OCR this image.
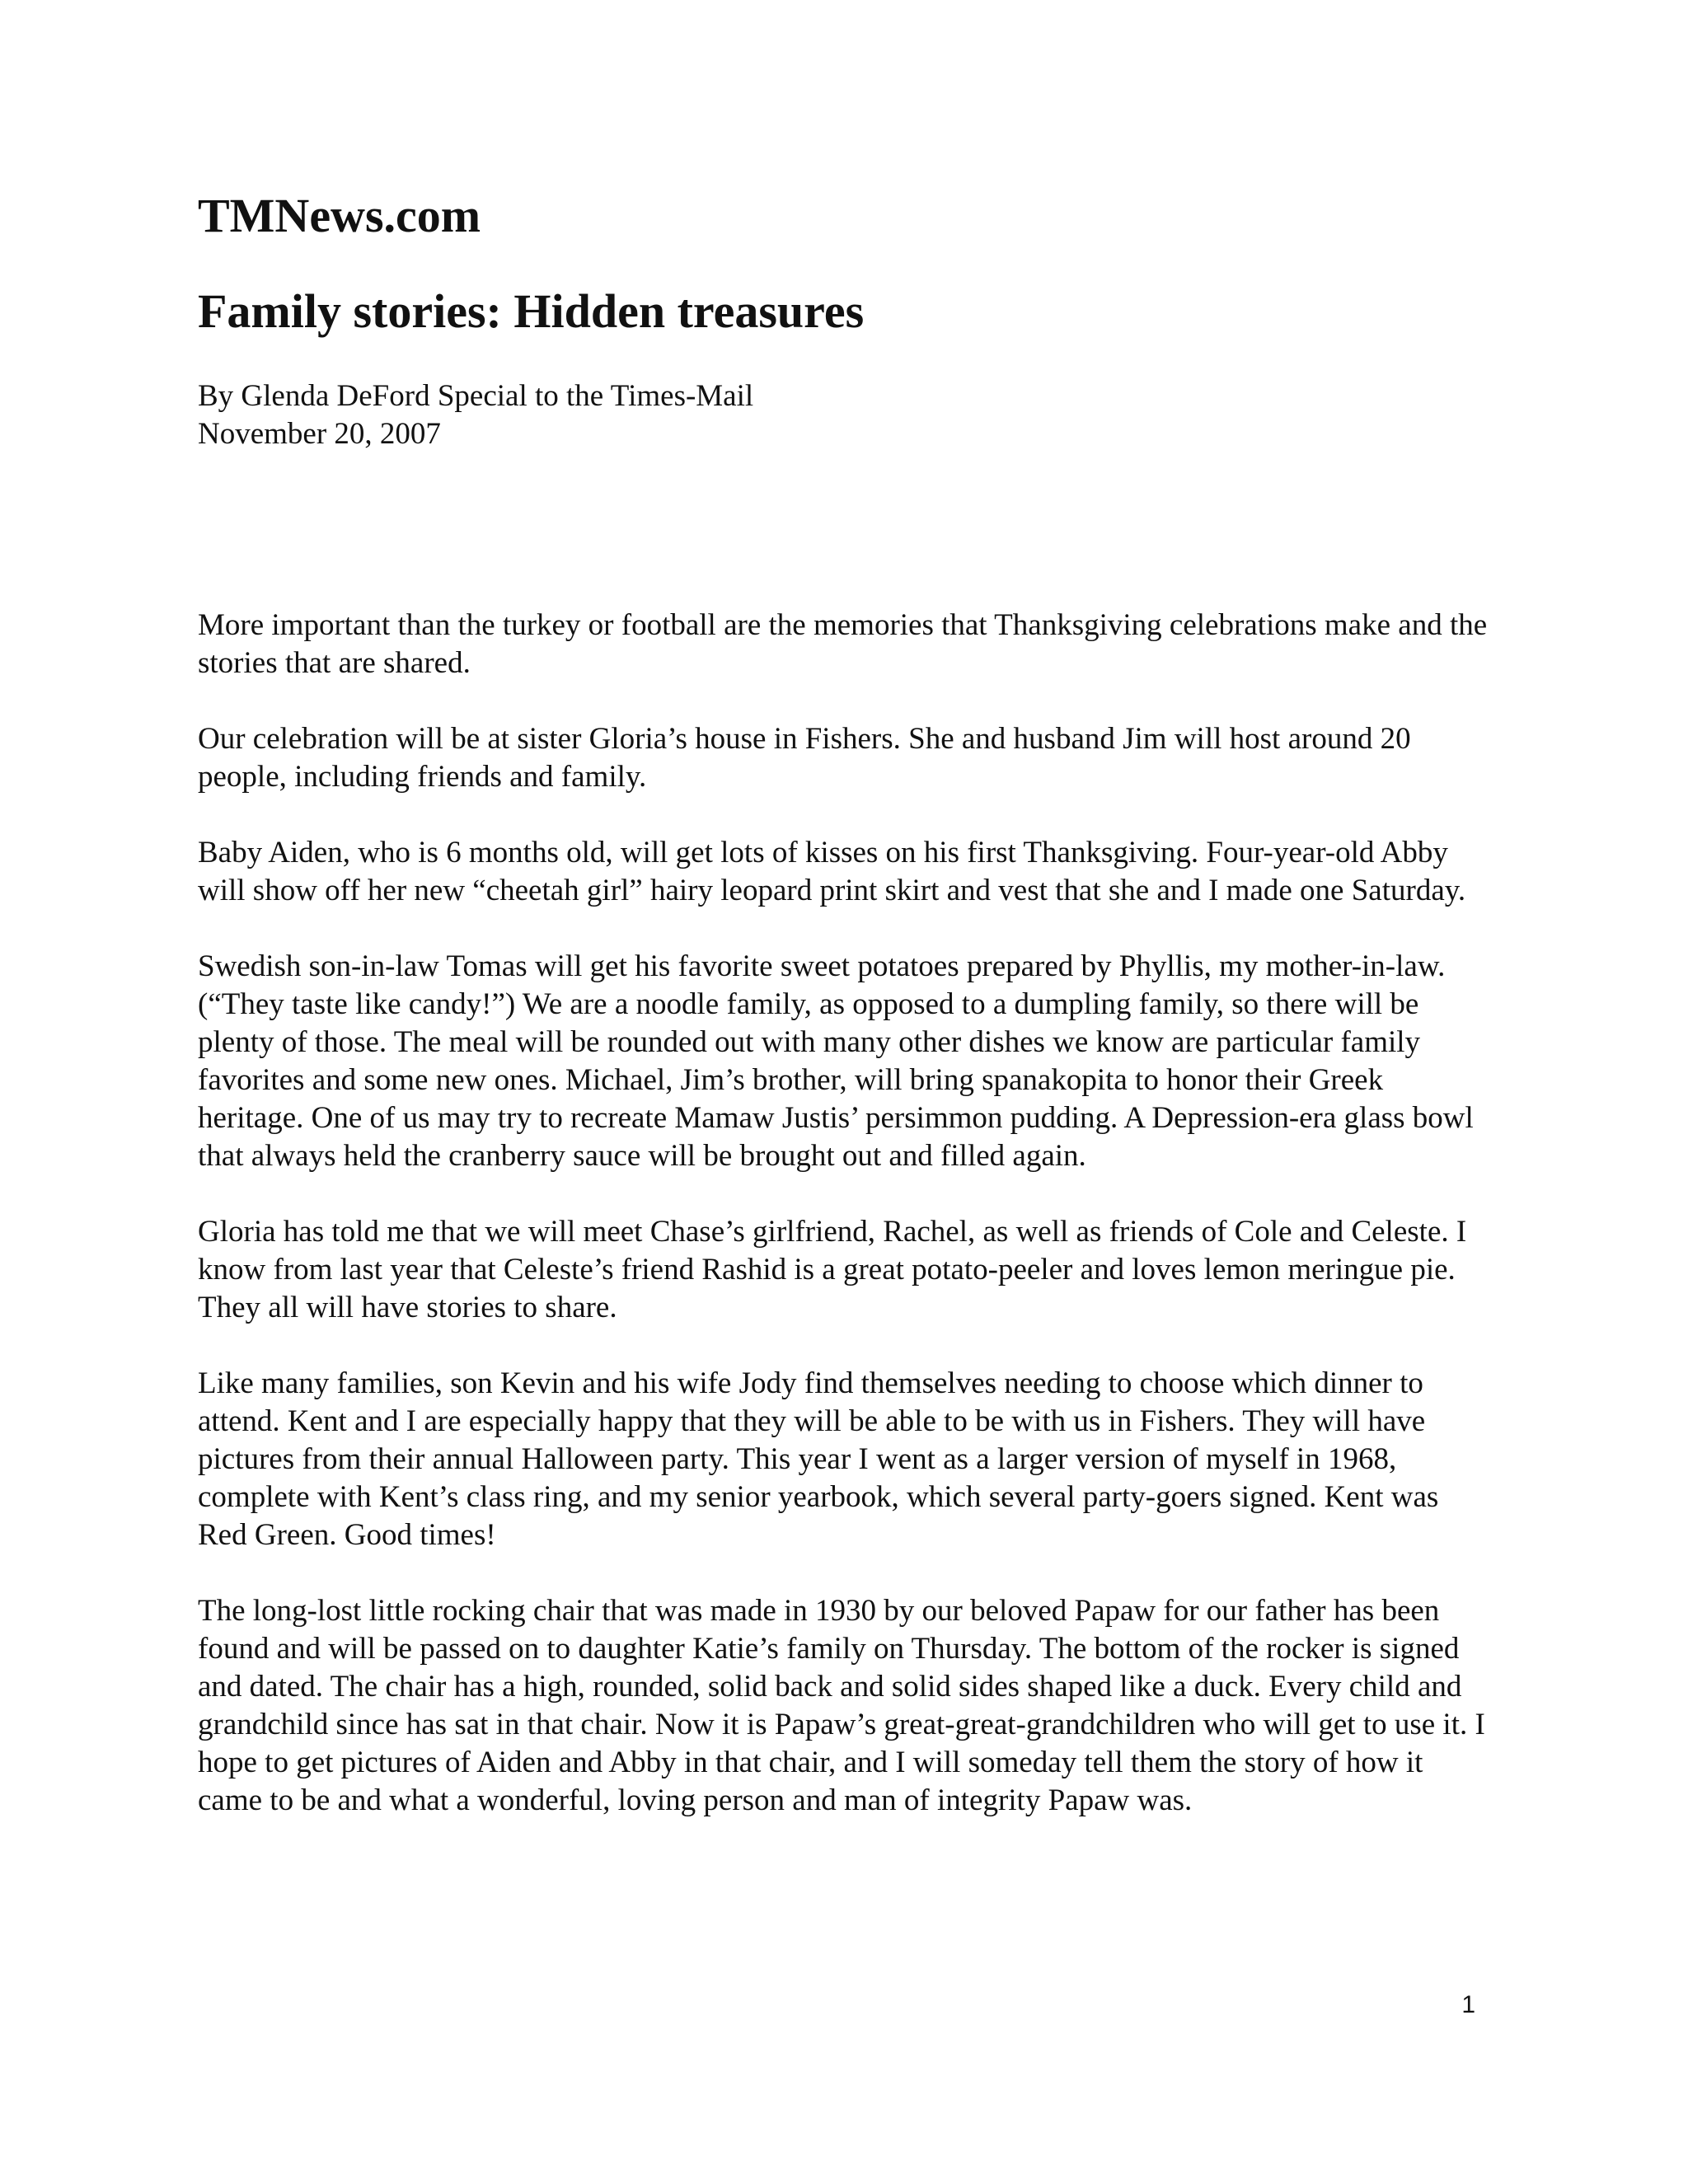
TMNews.com
Family stories: Hidden treasures

By Glenda DeFord Special to the Times-Mail

November 20, 2007

More important than the turkey or football are the memories that Thanksgiving celebrations make and the stories that are shared.

Our celebration will be at sister Gloria’s house in Fishers. She and husband Jim will host around 20 people, including friends and family.

Baby Aiden, who is 6 months old, will get lots of kisses on his first Thanksgiving. Four-year-old Abby will show off her new “cheetah girl” hairy leopard print skirt and vest that she and I made one Saturday.

Swedish son-in-law Tomas will get his favorite sweet potatoes prepared by Phyllis, my mother-in-law. (“They taste like candy!”) We are a noodle family, as opposed to a dumpling family, so there will be plenty of those. The meal will be rounded out with many other dishes we know are particular family favorites and some new ones. Michael, Jim’s brother, will bring spanakopita to honor their Greek heritage. One of us may try to recreate Mamaw Justis’ persimmon pudding. A Depression-era glass bowl that always held the cranberry sauce will be brought out and filled again.

Gloria has told me that we will meet Chase’s girlfriend, Rachel, as well as friends of Cole and Celeste. I know from last year that Celeste’s friend Rashid is a great potato-peeler and loves lemon meringue pie. They all will have stories to share.

Like many families, son Kevin and his wife Jody find themselves needing to choose which dinner to attend. Kent and I are especially happy that they will be able to be with us in Fishers. They will have pictures from their annual Halloween party. This year I went as a larger version of myself in 1968, complete with Kent’s class ring, and my senior yearbook, which several party-goers signed. Kent was Red Green. Good times!

The long-lost little rocking chair that was made in 1930 by our beloved Papaw for our father has been found and will be passed on to daughter Katie’s family on Thursday. The bottom of the rocker is signed and dated. The chair has a high, rounded, solid back and solid sides shaped like a duck. Every child and grandchild since has sat in that chair. Now it is Papaw’s great-great-grandchildren who will get to use it. I hope to get pictures of Aiden and Abby in that chair, and I will someday tell them the story of how it came to be and what a wonderful, loving person and man of integrity Papaw was.

1
